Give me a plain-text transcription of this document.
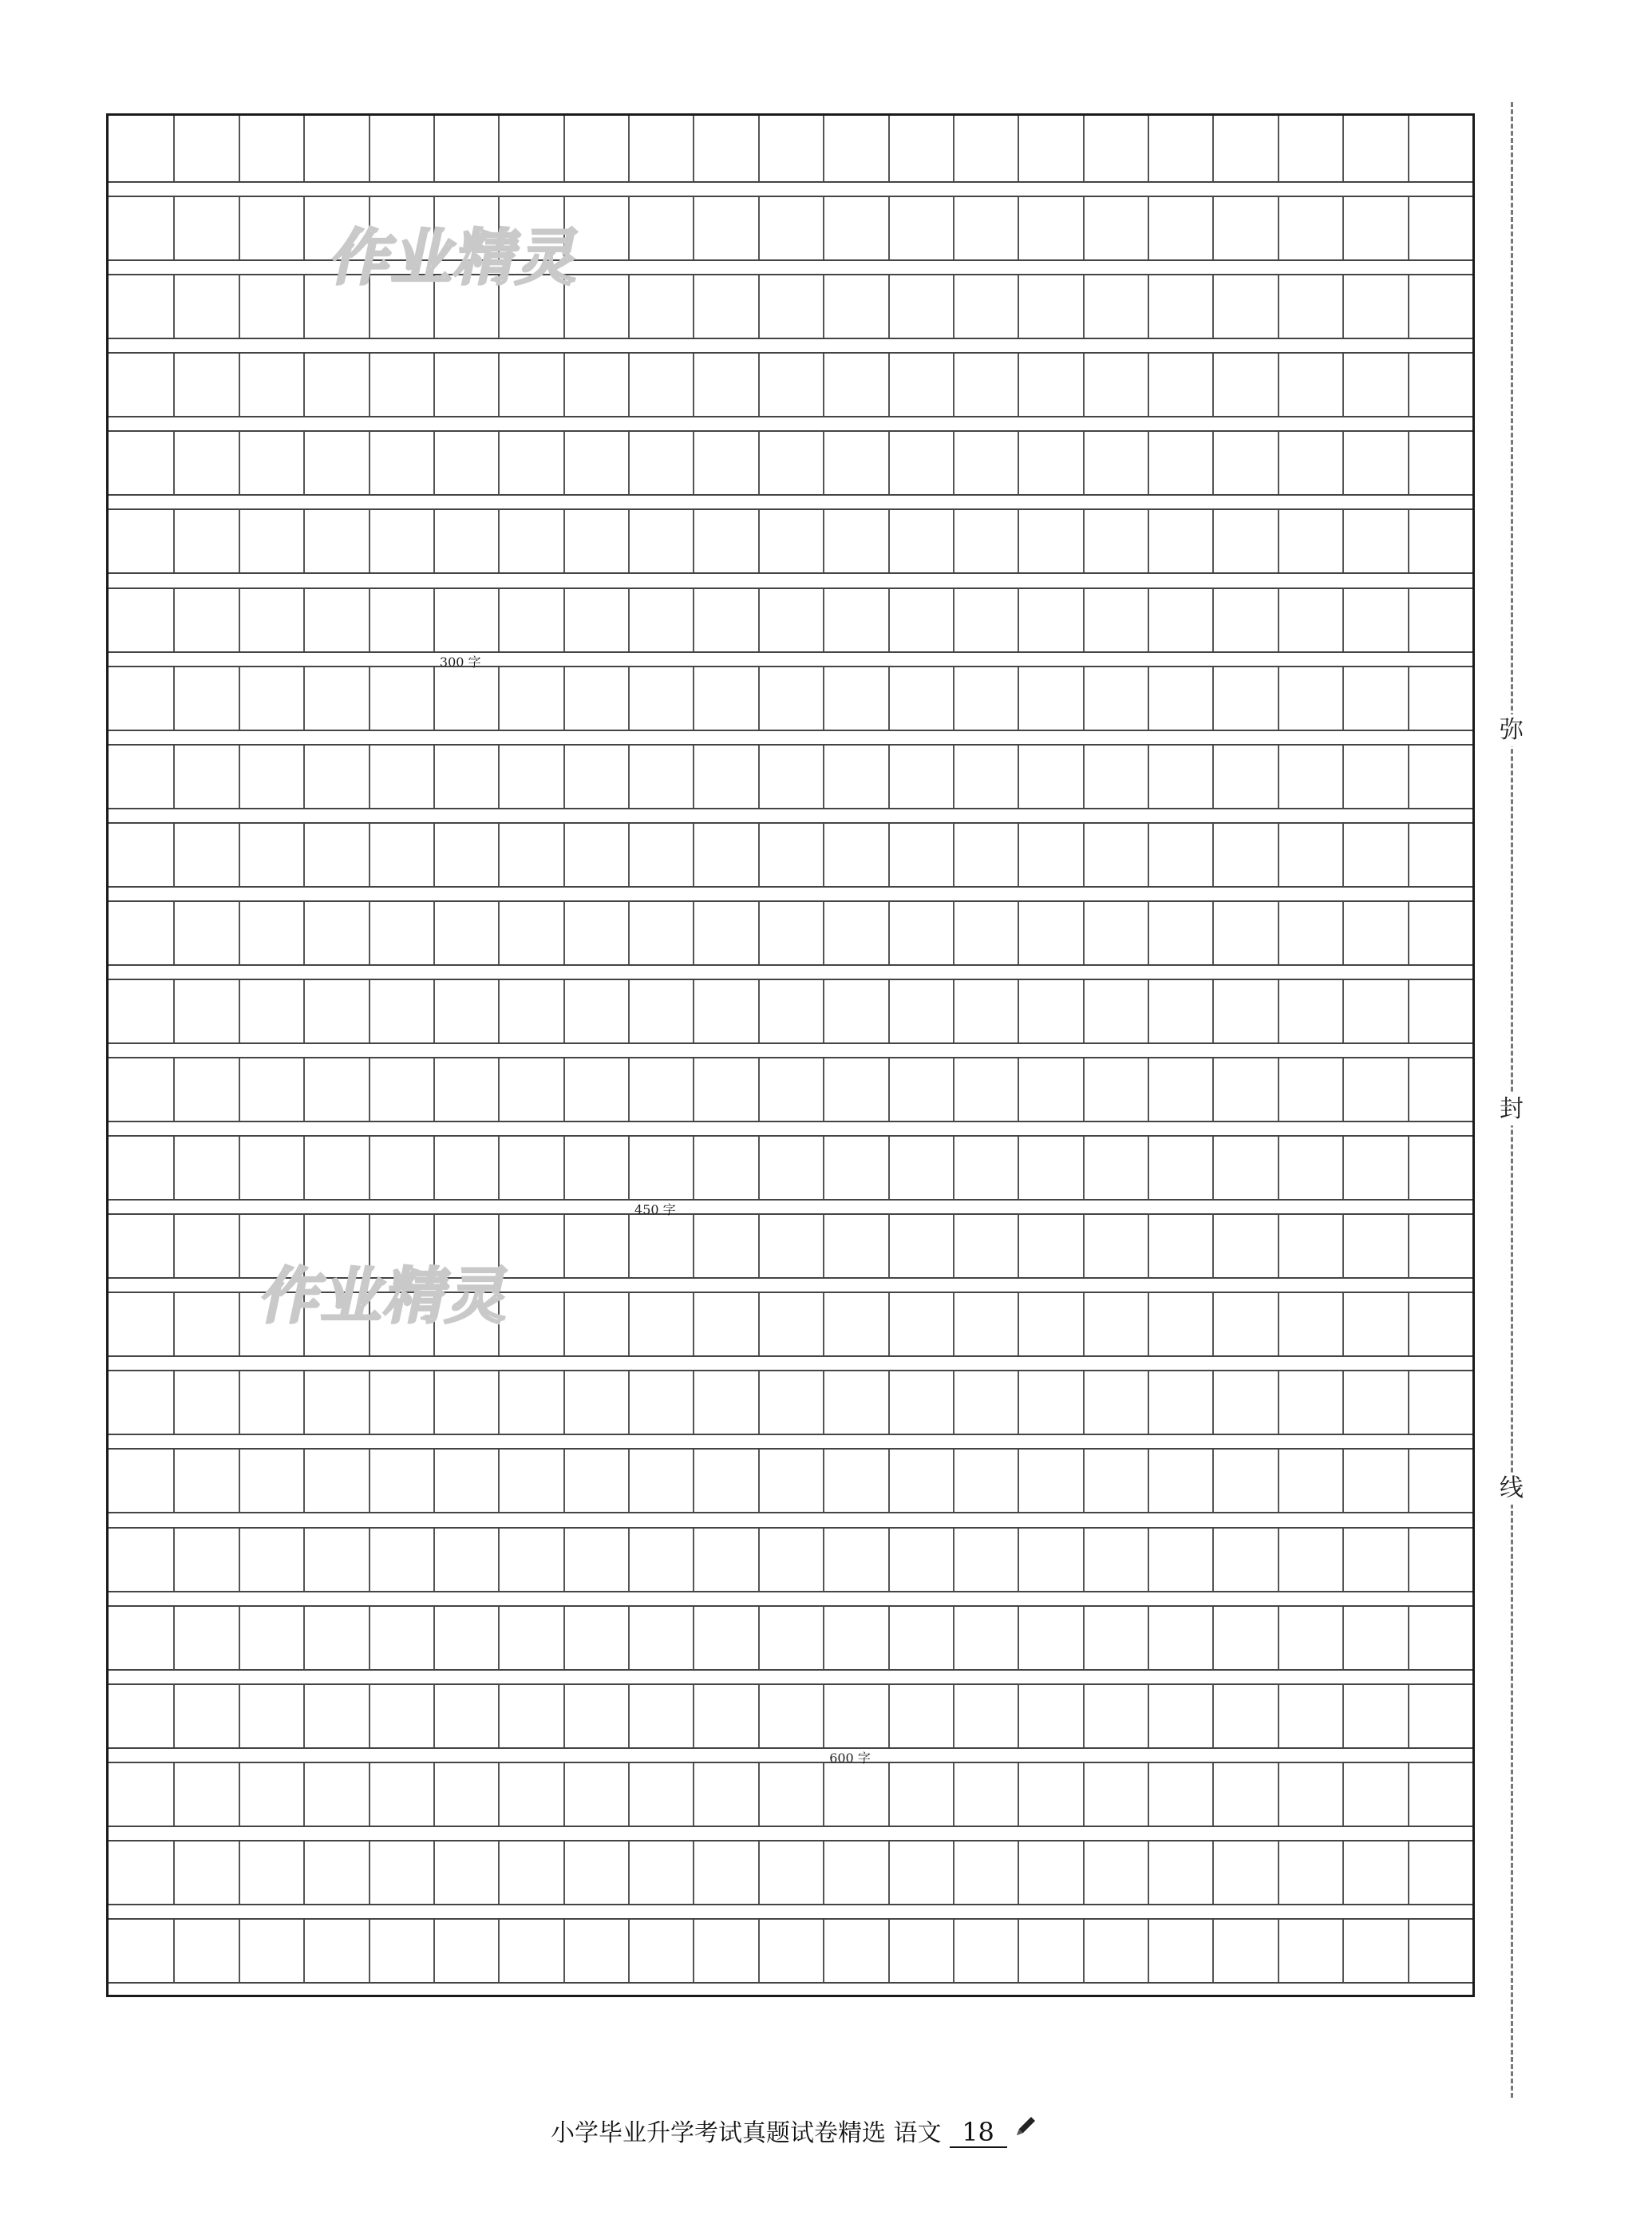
300 字
450 字
600 字
作业精灵
作业精灵
弥
封
线
小学毕业升学考试真题试卷精选 语文 18
